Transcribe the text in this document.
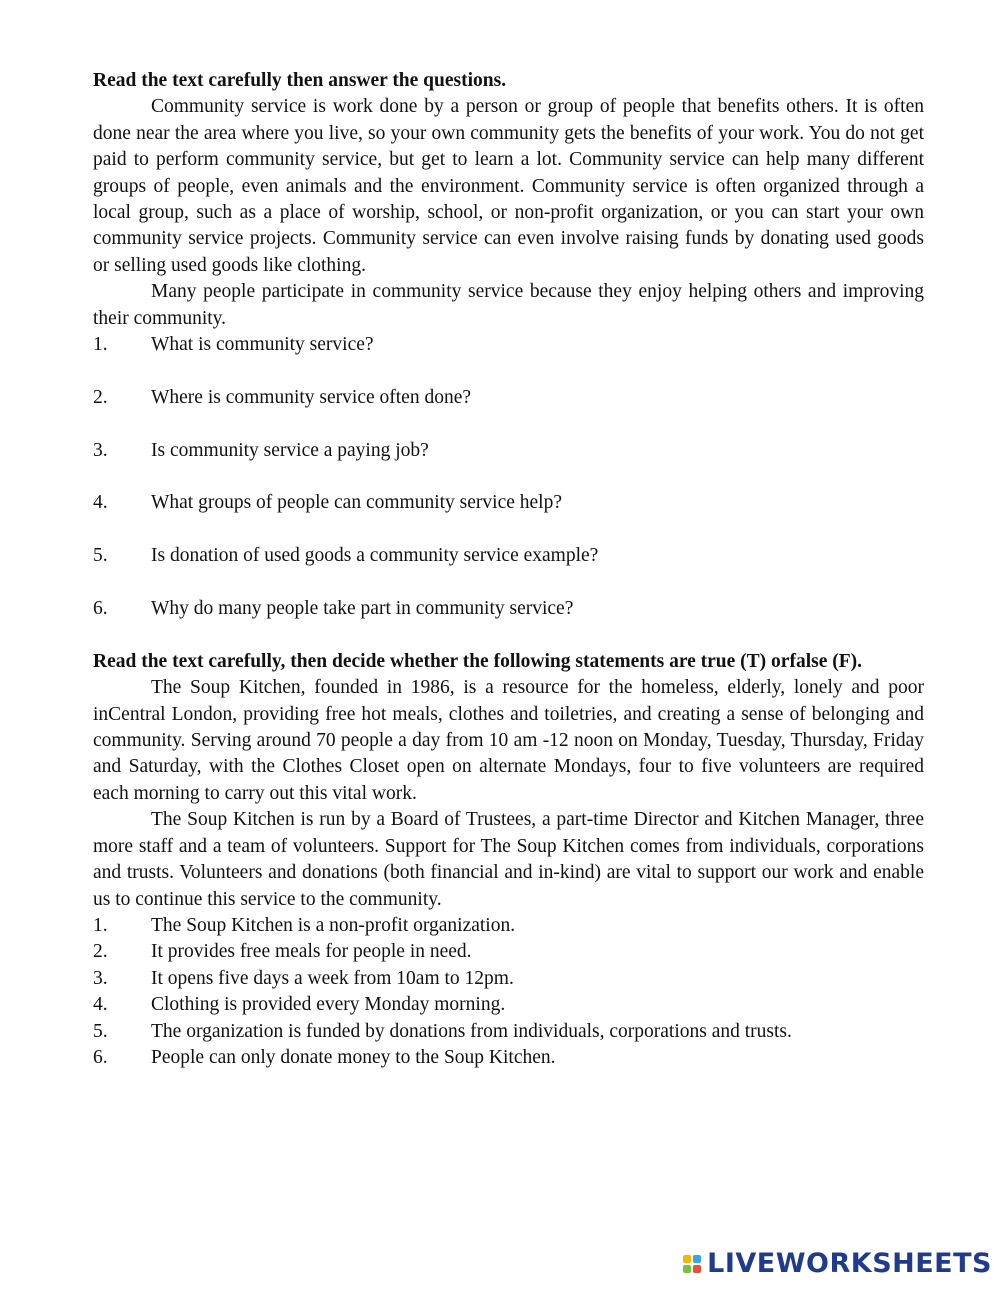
Read the text carefully then answer the questions.

Community service is work done by a person or group of people that benefits others. It is often done near the area where you live, so your own community gets the benefits of your work. You do not get paid to perform community service, but get to learn a lot. Community service can help many different groups of people, even animals and the environment. Community service is often organized through a local group, such as a place of worship, school, or non-profit organization, or you can start your own community service projects. Community service can even involve raising funds by donating used goods or selling used goods like clothing.

Many people participate in community service because they enjoy helping others and improving their community.

1.	What is community service?
2.	Where is community service often done?
3.	Is community service a paying job?
4.	What groups of people can community service help?
5.	Is donation of used goods a community service example?
6.	Why do many people take part in community service?

Read the text carefully, then decide whether the following statements are true (T) orfalse (F).

The Soup Kitchen, founded in 1986, is a resource for the homeless, elderly, lonely and poor inCentral London, providing free hot meals, clothes and toiletries, and creating a sense of belonging and community. Serving around 70 people a day from 10 am -12 noon on Monday, Tuesday, Thursday, Friday and Saturday, with the Clothes Closet open on alternate Mondays, four to five volunteers are required each morning to carry out this vital work.

The Soup Kitchen is run by a Board of Trustees, a part-time Director and Kitchen Manager, three more staff and a team of volunteers. Support for The Soup Kitchen comes from individuals, corporations and trusts. Volunteers and donations (both financial and in-kind) are vital to support our work and enable us to continue this service to the community.

1.	The Soup Kitchen is a non-profit organization.
2.	It provides free meals for people in need.
3.	It opens five days a week from 10am to 12pm.
4.	Clothing is provided every Monday morning.
5.	The organization is funded by donations from individuals, corporations and trusts.
6.	People can only donate money to the Soup Kitchen.
LIVEWORKSHEETS
